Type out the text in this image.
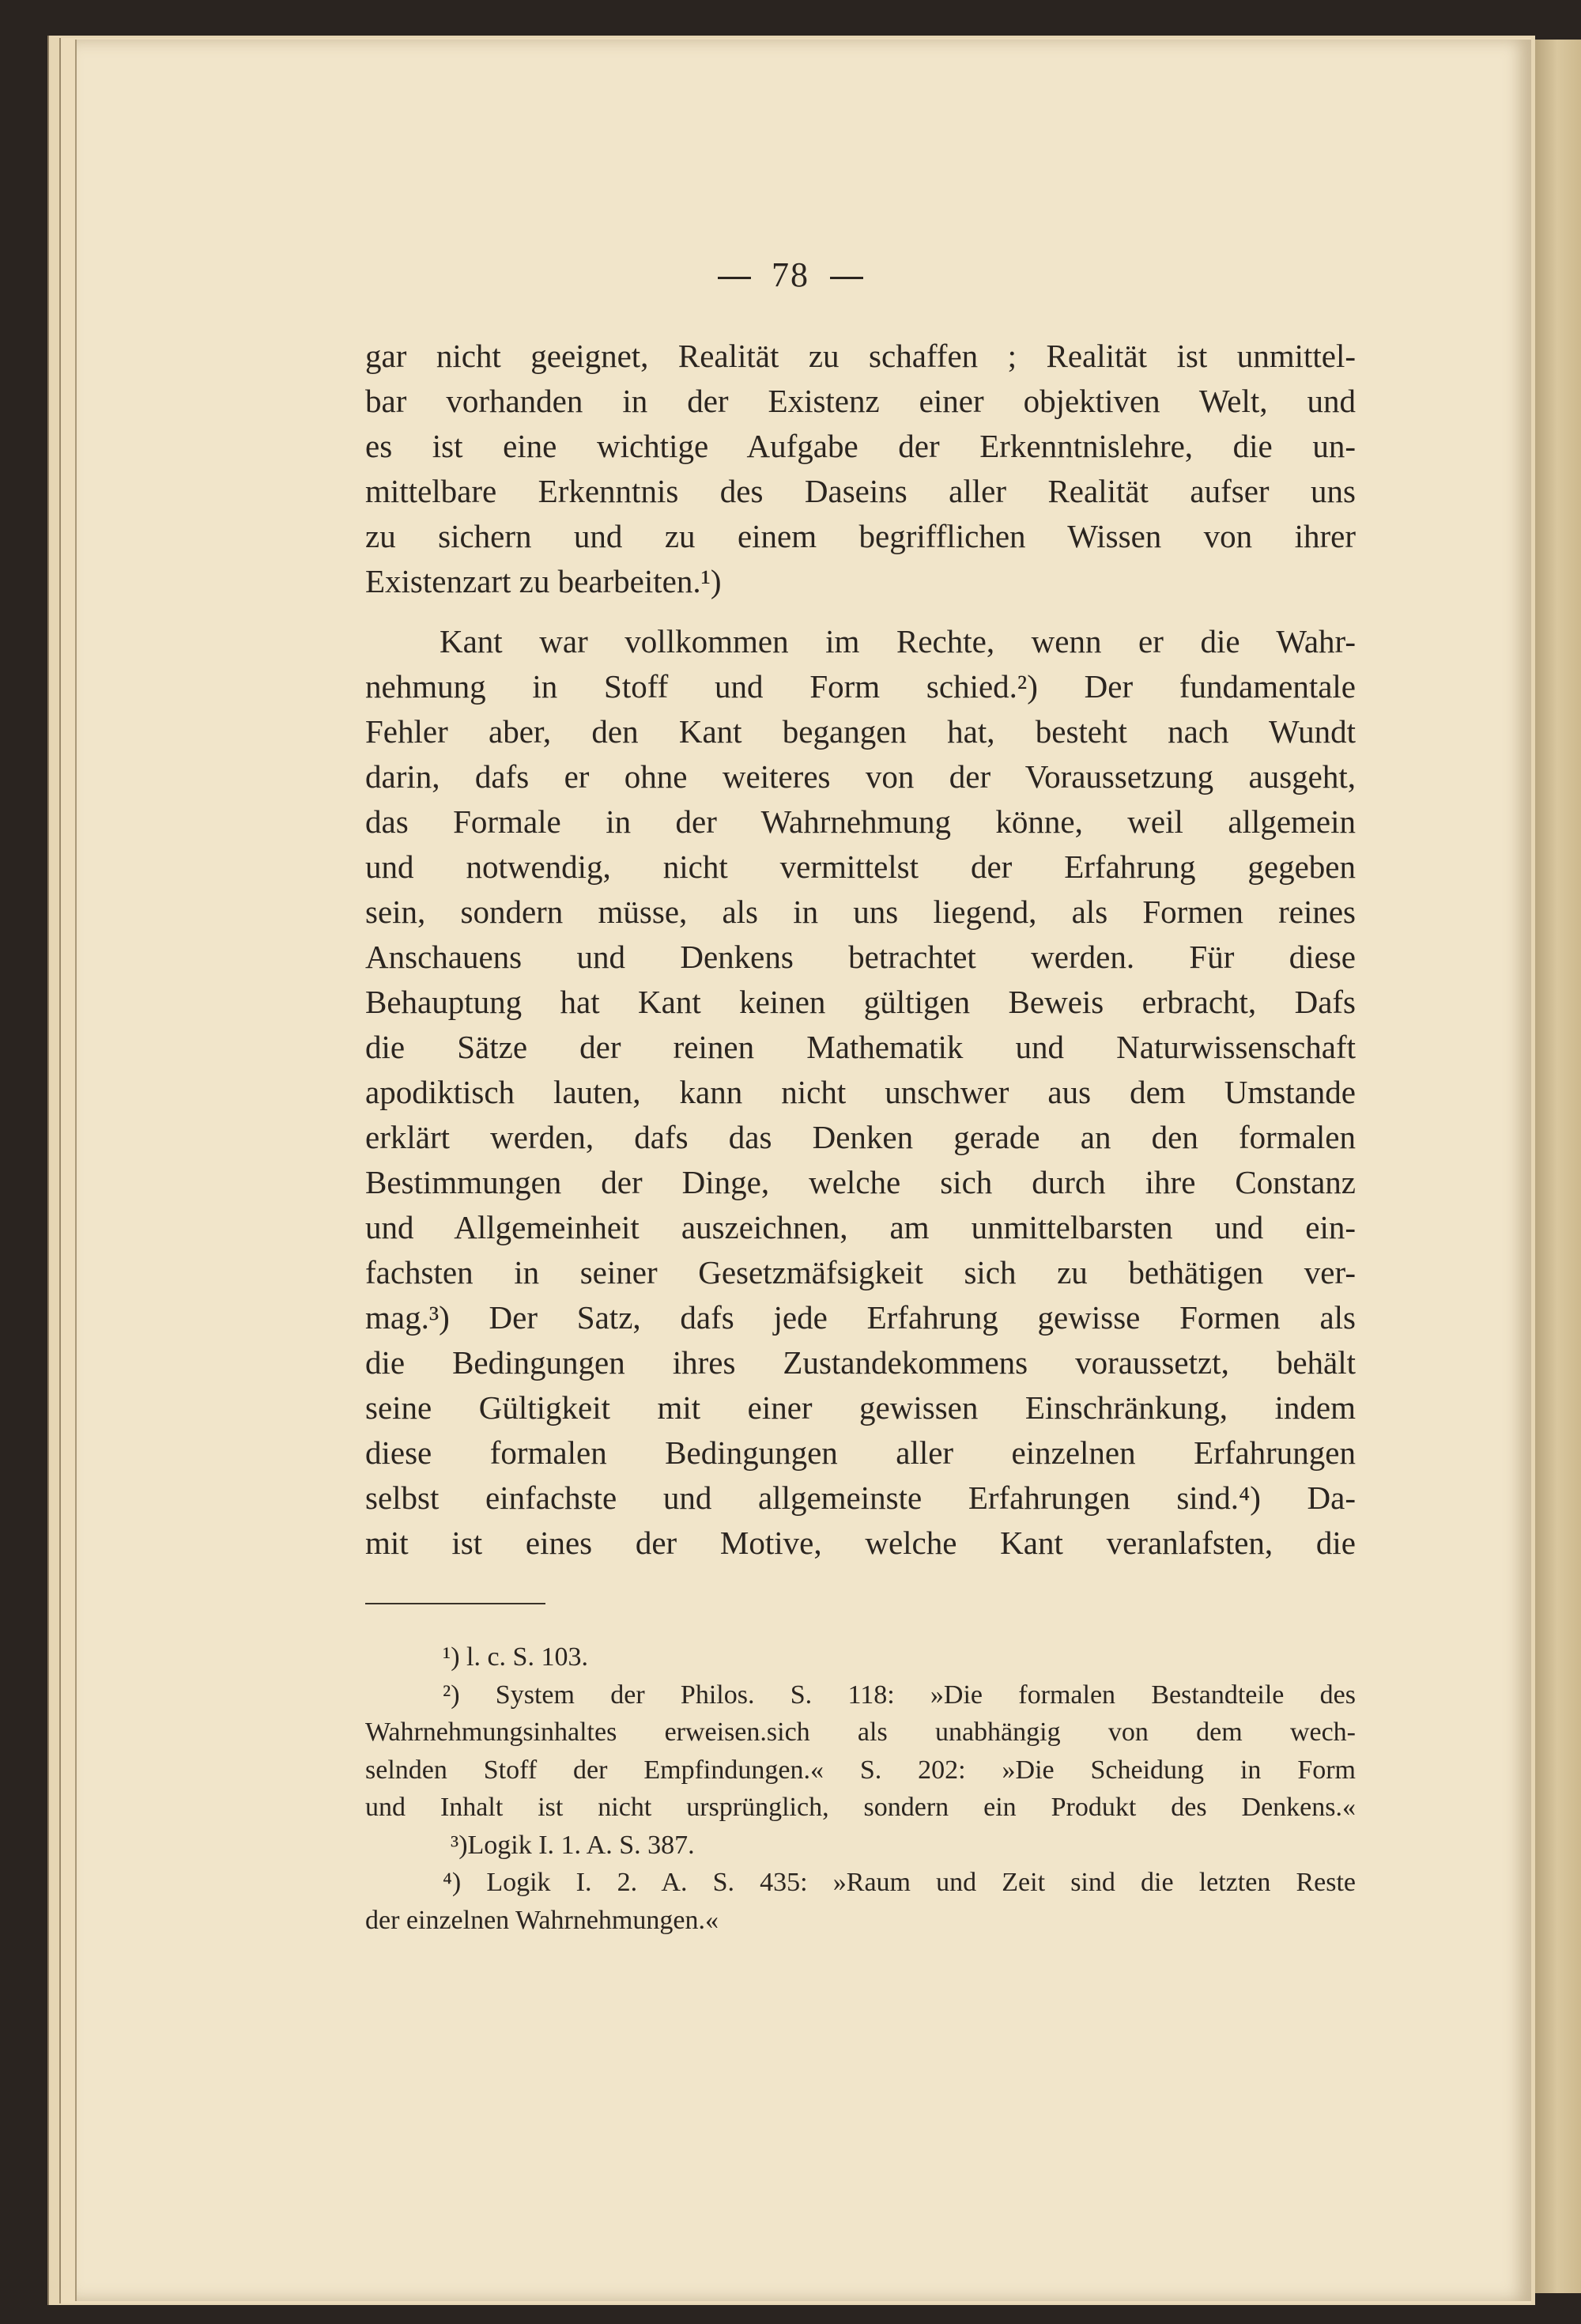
78
gar nicht geeignet, Realität zu schaffen ; Realität ist unmittel-
bar vorhanden in der Existenz einer objektiven Welt, und
es ist eine wichtige Aufgabe der Erkenntnislehre, die un-
mittelbare Erkenntnis des Daseins aller Realität aufser uns
zu sichern und zu einem begrifflichen Wissen von ihrer
Existenzart zu bearbeiten.¹)
Kant war vollkommen im Rechte, wenn er die Wahr-
nehmung in Stoff und Form schied.²) Der fundamentale
Fehler aber, den Kant begangen hat, besteht nach Wundt
darin, dafs er ohne weiteres von der Voraussetzung ausgeht,
das Formale in der Wahrnehmung könne, weil allgemein
und notwendig, nicht vermittelst der Erfahrung gegeben
sein, sondern müsse, als in uns liegend, als Formen reines
Anschauens und Denkens betrachtet werden. Für diese
Behauptung hat Kant keinen gültigen Beweis erbracht, Dafs
die Sätze der reinen Mathematik und Naturwissenschaft
apodiktisch lauten, kann nicht unschwer aus dem Umstande
erklärt werden, dafs das Denken gerade an den formalen
Bestimmungen der Dinge, welche sich durch ihre Constanz
und Allgemeinheit auszeichnen, am unmittelbarsten und ein-
fachsten in seiner Gesetzmäfsigkeit sich zu bethätigen ver-
mag.³) Der Satz, dafs jede Erfahrung gewisse Formen als
die Bedingungen ihres Zustandekommens voraussetzt, behält
seine Gültigkeit mit einer gewissen Einschränkung, indem
diese formalen Bedingungen aller einzelnen Erfahrungen
selbst einfachste und allgemeinste Erfahrungen sind.⁴) Da-
mit ist eines der Motive, welche Kant veranlafsten, die
¹) l. c. S. 103.
²) System der Philos. S. 118: »Die formalen Bestandteile des
Wahrnehmungsinhaltes erweisen.sich als unabhängig von dem wech-
selnden Stoff der Empfindungen.« S. 202: »Die Scheidung in Form
und Inhalt ist nicht ursprünglich, sondern ein Produkt des Denkens.«
³)Logik I. 1. A. S. 387.
⁴) Logik I. 2. A. S. 435: »Raum und Zeit sind die letzten Reste
der einzelnen Wahrnehmungen.«
